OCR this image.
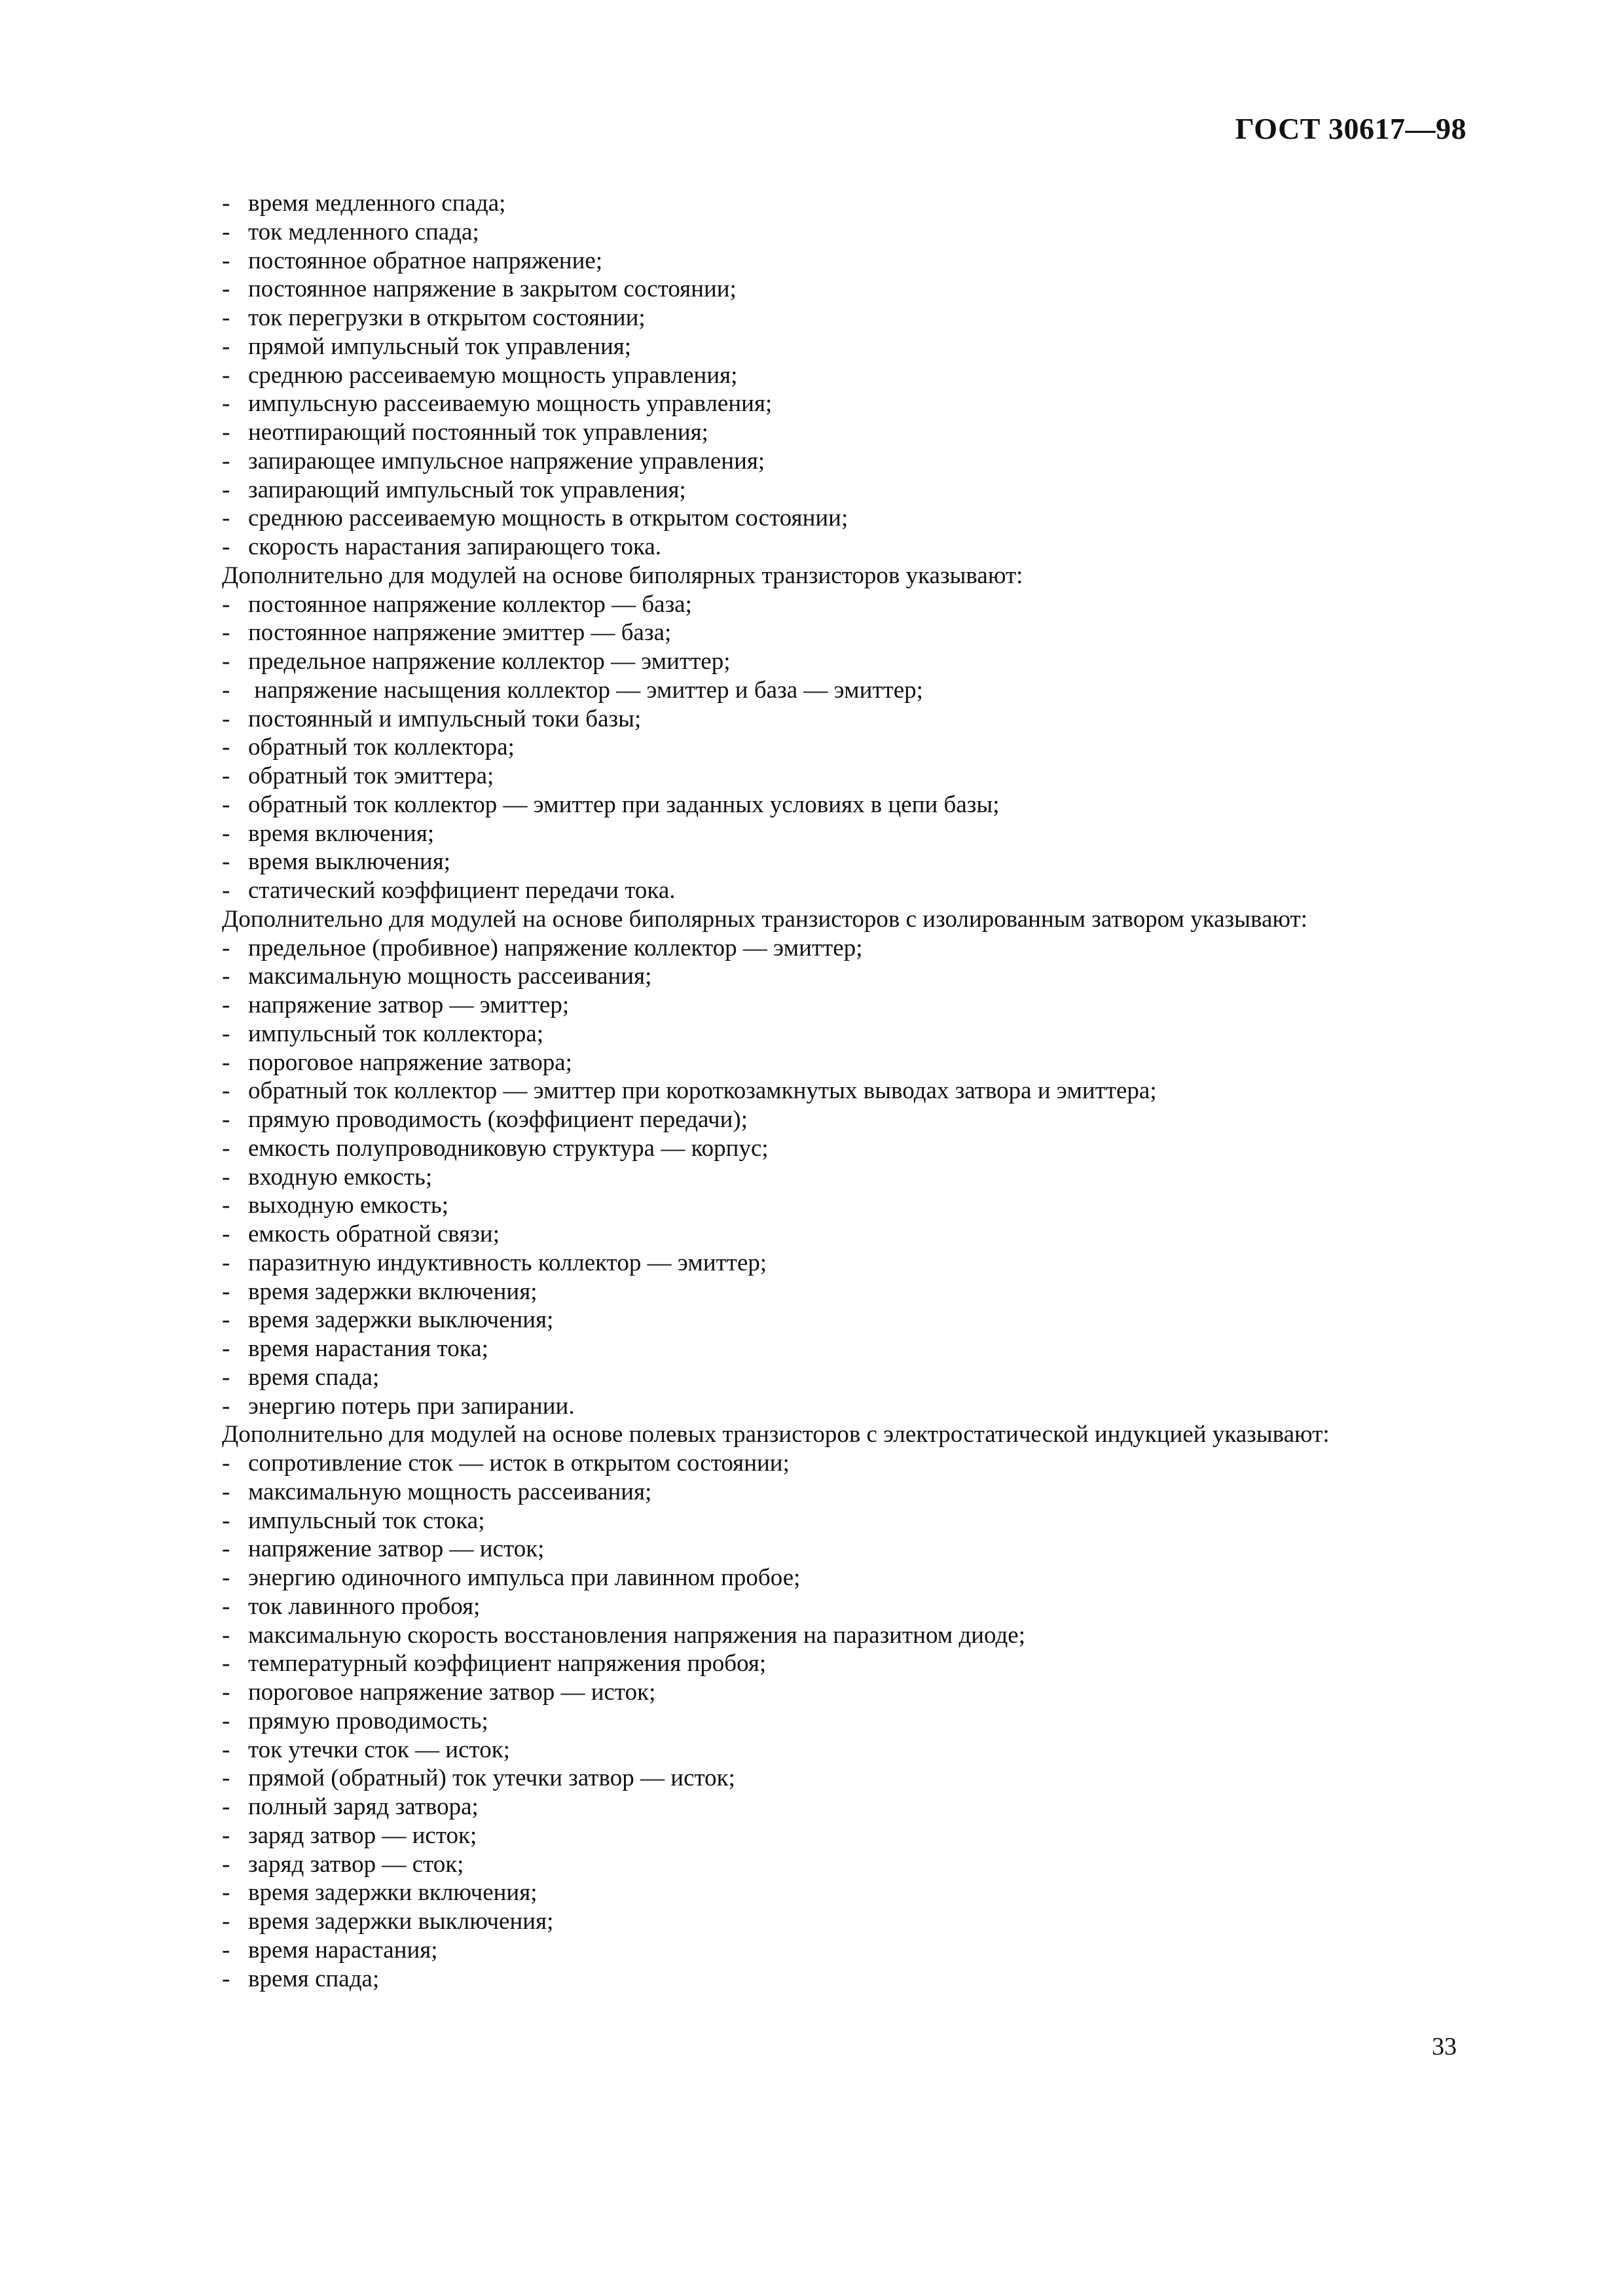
ГОСТ 30617—98
- время медленного спада;
- ток медленного спада;
- постоянное обратное напряжение;
- постоянное напряжение в закрытом состоянии;
- ток перегрузки в открытом состоянии;
- прямой импульсный ток управления;
- среднюю рассеиваемую мощность управления;
- импульсную рассеиваемую мощность управления;
- неотпирающий постоянный ток управления;
- запирающее импульсное напряжение управления;
- запирающий импульсный ток управления;
- среднюю рассеиваемую мощность в открытом состоянии;
- скорость нарастания запирающего тока.
Дополнительно для модулей на основе биполярных транзисторов указывают:
- постоянное напряжение коллектор — база;
- постоянное напряжение эмиттер — база;
- предельное напряжение коллектор — эмиттер;
- напряжение насыщения коллектор — эмиттер и база — эмиттер;
- постоянный и импульсный токи базы;
- обратный ток коллектора;
- обратный ток эмиттера;
- обратный ток коллектор — эмиттер при заданных условиях в цепи базы;
- время включения;
- время выключения;
- статический коэффициент передачи тока.
Дополнительно для модулей на основе биполярных транзисторов с изолированным затвором указывают:
- предельное (пробивное) напряжение коллектор — эмиттер;
- максимальную мощность рассеивания;
- напряжение затвор — эмиттер;
- импульсный ток коллектора;
- пороговое напряжение затвора;
- обратный ток коллектор — эмиттер при короткозамкнутых выводах затвора и эмиттера;
- прямую проводимость (коэффициент передачи);
- емкость полупроводниковую структура — корпус;
- входную емкость;
- выходную емкость;
- емкость обратной связи;
- паразитную индуктивность коллектор — эмиттер;
- время задержки включения;
- время задержки выключения;
- время нарастания тока;
- время спада;
- энергию потерь при запирании.
Дополнительно для модулей на основе полевых транзисторов с электростатической индукцией указывают:
- сопротивление сток — исток в открытом состоянии;
- максимальную мощность рассеивания;
- импульсный ток стока;
- напряжение затвор — исток;
- энергию одиночного импульса при лавинном пробое;
- ток лавинного пробоя;
- максимальную скорость восстановления напряжения на паразитном диоде;
- температурный коэффициент напряжения пробоя;
- пороговое напряжение затвор — исток;
- прямую проводимость;
- ток утечки сток — исток;
- прямой (обратный) ток утечки затвор — исток;
- полный заряд затвора;
- заряд затвор — исток;
- заряд затвор — сток;
- время задержки включения;
- время задержки выключения;
- время нарастания;
- время спада;
33
